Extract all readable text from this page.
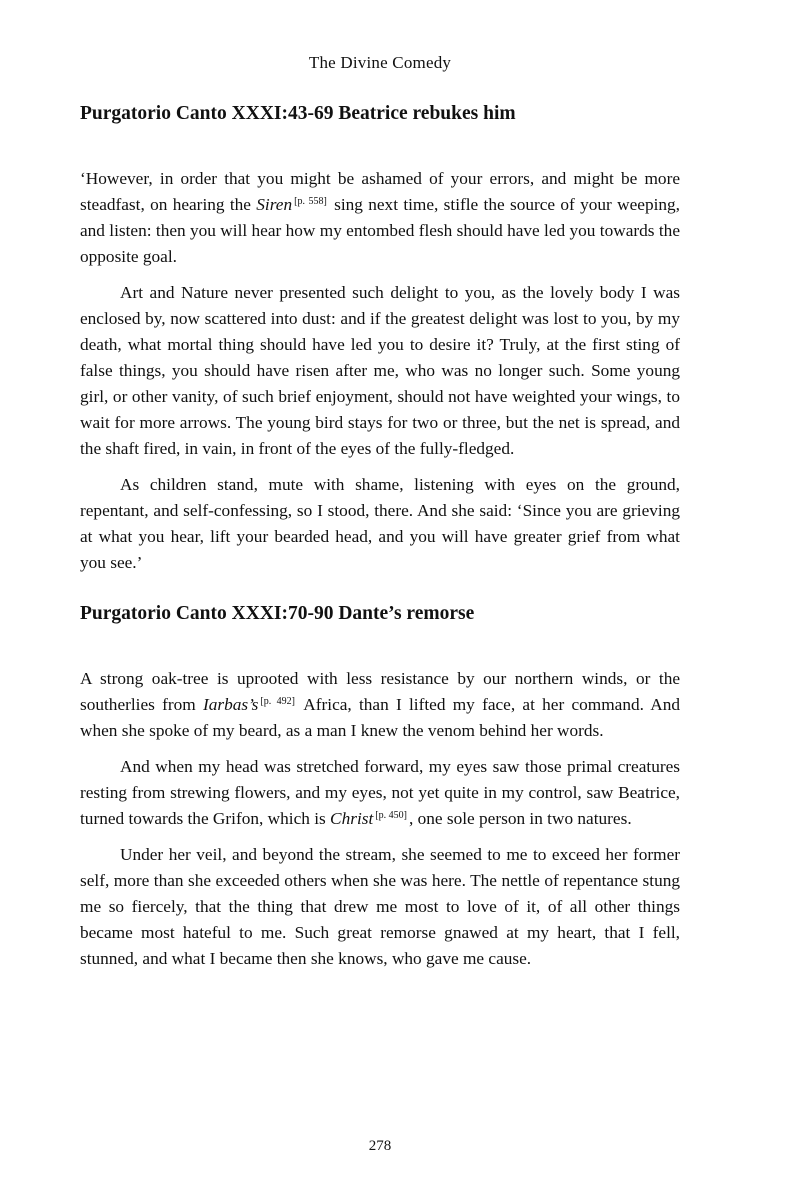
The Divine Comedy
Purgatorio Canto XXXI:43-69 Beatrice rebukes him

‘However, in order that you might be ashamed of your errors, and might be more steadfast, on hearing the Siren [p. 558] sing next time, stifle the source of your weeping, and listen: then you will hear how my entombed flesh should have led you towards the opposite goal.

Art and Nature never presented such delight to you, as the lovely body I was enclosed by, now scattered into dust: and if the greatest delight was lost to you, by my death, what mortal thing should have led you to desire it? Truly, at the first sting of false things, you should have risen after me, who was no longer such. Some young girl, or other vanity, of such brief enjoyment, should not have weighted your wings, to wait for more arrows. The young bird stays for two or three, but the net is spread, and the shaft fired, in vain, in front of the eyes of the fully-fledged.

As children stand, mute with shame, listening with eyes on the ground, repentant, and self-confessing, so I stood, there. And she said: ‘Since you are grieving at what you hear, lift your bearded head, and you will have greater grief from what you see.’

Purgatorio Canto XXXI:70-90 Dante’s remorse

A strong oak-tree is uprooted with less resistance by our northern winds, or the southerlies from Iarbas’s [p. 492] Africa, than I lifted my face, at her command. And when she spoke of my beard, as a man I knew the venom behind her words.

And when my head was stretched forward, my eyes saw those primal creatures resting from strewing flowers, and my eyes, not yet quite in my control, saw Beatrice, turned towards the Grifon, which is Christ [p. 450] , one sole person in two natures.

Under her veil, and beyond the stream, she seemed to me to exceed her former self, more than she exceeded others when she was here. The nettle of repentance stung me so fiercely, that the thing that drew me most to love of it, of all other things became most hateful to me. Such great remorse gnawed at my heart, that I fell, stunned, and what I became then she knows, who gave me cause.

278
